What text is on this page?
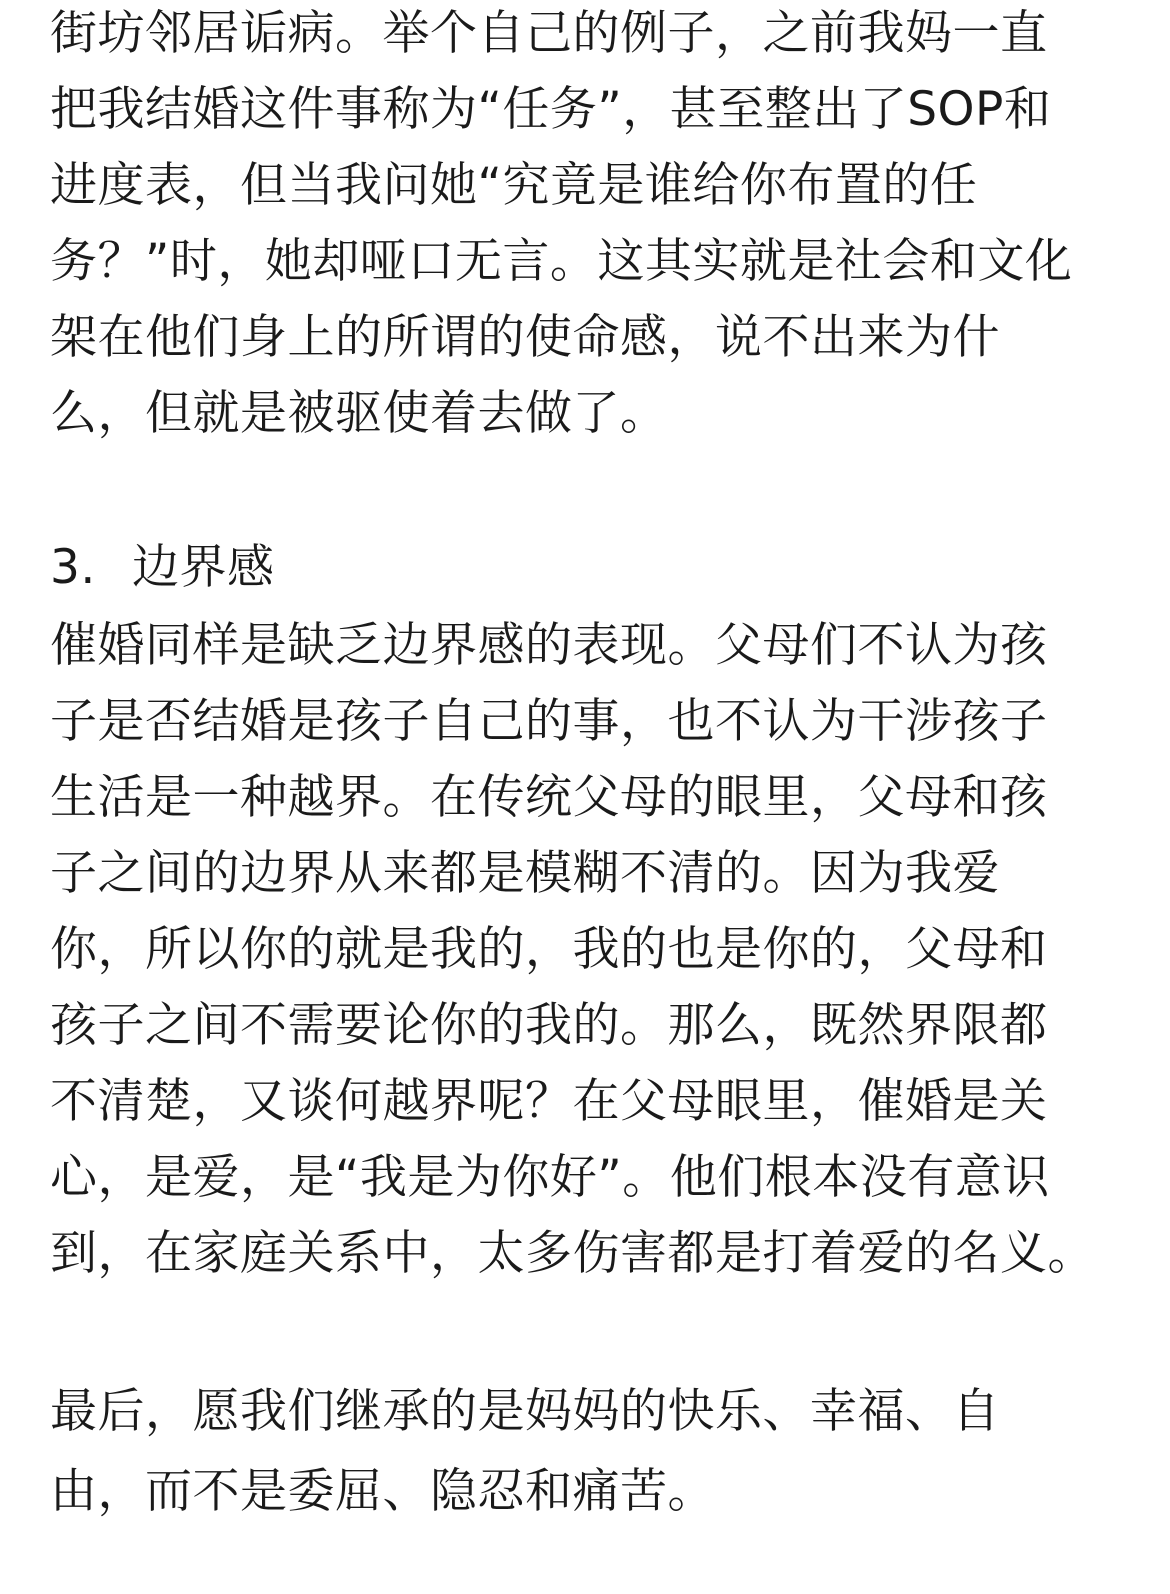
街坊邻居诟病。举个自己的例子，之前我妈一直
把我结婚这件事称为“任务”，甚至整出了SOP和
进度表，但当我问她“究竟是谁给你布置的任
务？”时，她却哑口无言。这其实就是社会和文化
架在他们身上的所谓的使命感，说不出来为什
么，但就是被驱使着去做了。
3. 边界感
催婚同样是缺乏边界感的表现。父母们不认为孩
子是否结婚是孩子自己的事，也不认为干涉孩子
生活是一种越界。在传统父母的眼里，父母和孩
子之间的边界从来都是模糊不清的。因为我爱
你，所以你的就是我的，我的也是你的，父母和
孩子之间不需要论你的我的。那么，既然界限都
不清楚，又谈何越界呢？在父母眼里，催婚是关
心，是爱，是“我是为你好”。他们根本没有意识
到，在家庭关系中，太多伤害都是打着爱的名义。
最后，愿我们继承的是妈妈的快乐、幸福、自
由，而不是委屈、隐忍和痛苦。
